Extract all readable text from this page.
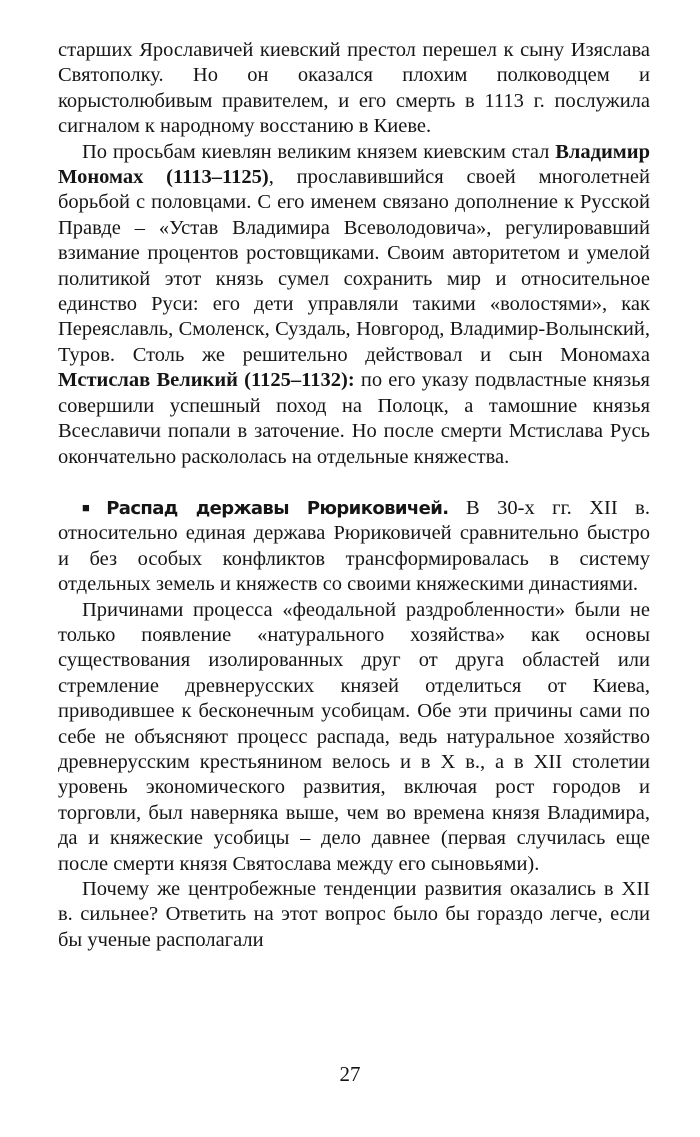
старших Ярославичей киевский престол перешел к сыну Изяслава Святополку. Но он оказался плохим полководцем и корыстолюбивым правителем, и его смерть в 1113 г. послужила сигналом к народному восстанию в Киеве.

По просьбам киевлян великим князем киевским стал Владимир Мономах (1113–1125), прославившийся своей многолетней борьбой с половцами. С его именем связано дополнение к Русской Правде – «Устав Владимира Всеволодовича», регулировавший взимание процентов ростовщиками. Своим авторитетом и умелой политикой этот князь сумел сохранить мир и относительное единство Руси: его дети управляли такими «волостями», как Переяславль, Смоленск, Суздаль, Новгород, Владимир-Волынский, Туров. Столь же решительно действовал и сын Мономаха Мстислав Великий (1125–1132): по его указу подвластные князья совершили успешный поход на Полоцк, а тамошние князья Всеславичи попали в заточение. Но после смерти Мстислава Русь окончательно раскололась на отдельные княжества.

■ Распад державы Рюриковичей. В 30-х гг. XII в. относительно единая держава Рюриковичей сравнительно быстро и без особых конфликтов трансформировалась в систему отдельных земель и княжеств со своими княжескими династиями.

Причинами процесса «феодальной раздробленности» были не только появление «натурального хозяйства» как основы существования изолированных друг от друга областей или стремление древнерусских князей отделиться от Киева, приводившее к бесконечным усобицам. Обе эти причины сами по себе не объясняют процесс распада, ведь натуральное хозяйство древнерусским крестьянином велось и в X в., а в XII столетии уровень экономического развития, включая рост городов и торговли, был наверняка выше, чем во времена князя Владимира, да и княжеские усобицы – дело давнее (первая случилась еще после смерти князя Святослава между его сыновьями).

Почему же центробежные тенденции развития оказались в XII в. сильнее? Ответить на этот вопрос было бы гораздо легче, если бы ученые располагали

27
